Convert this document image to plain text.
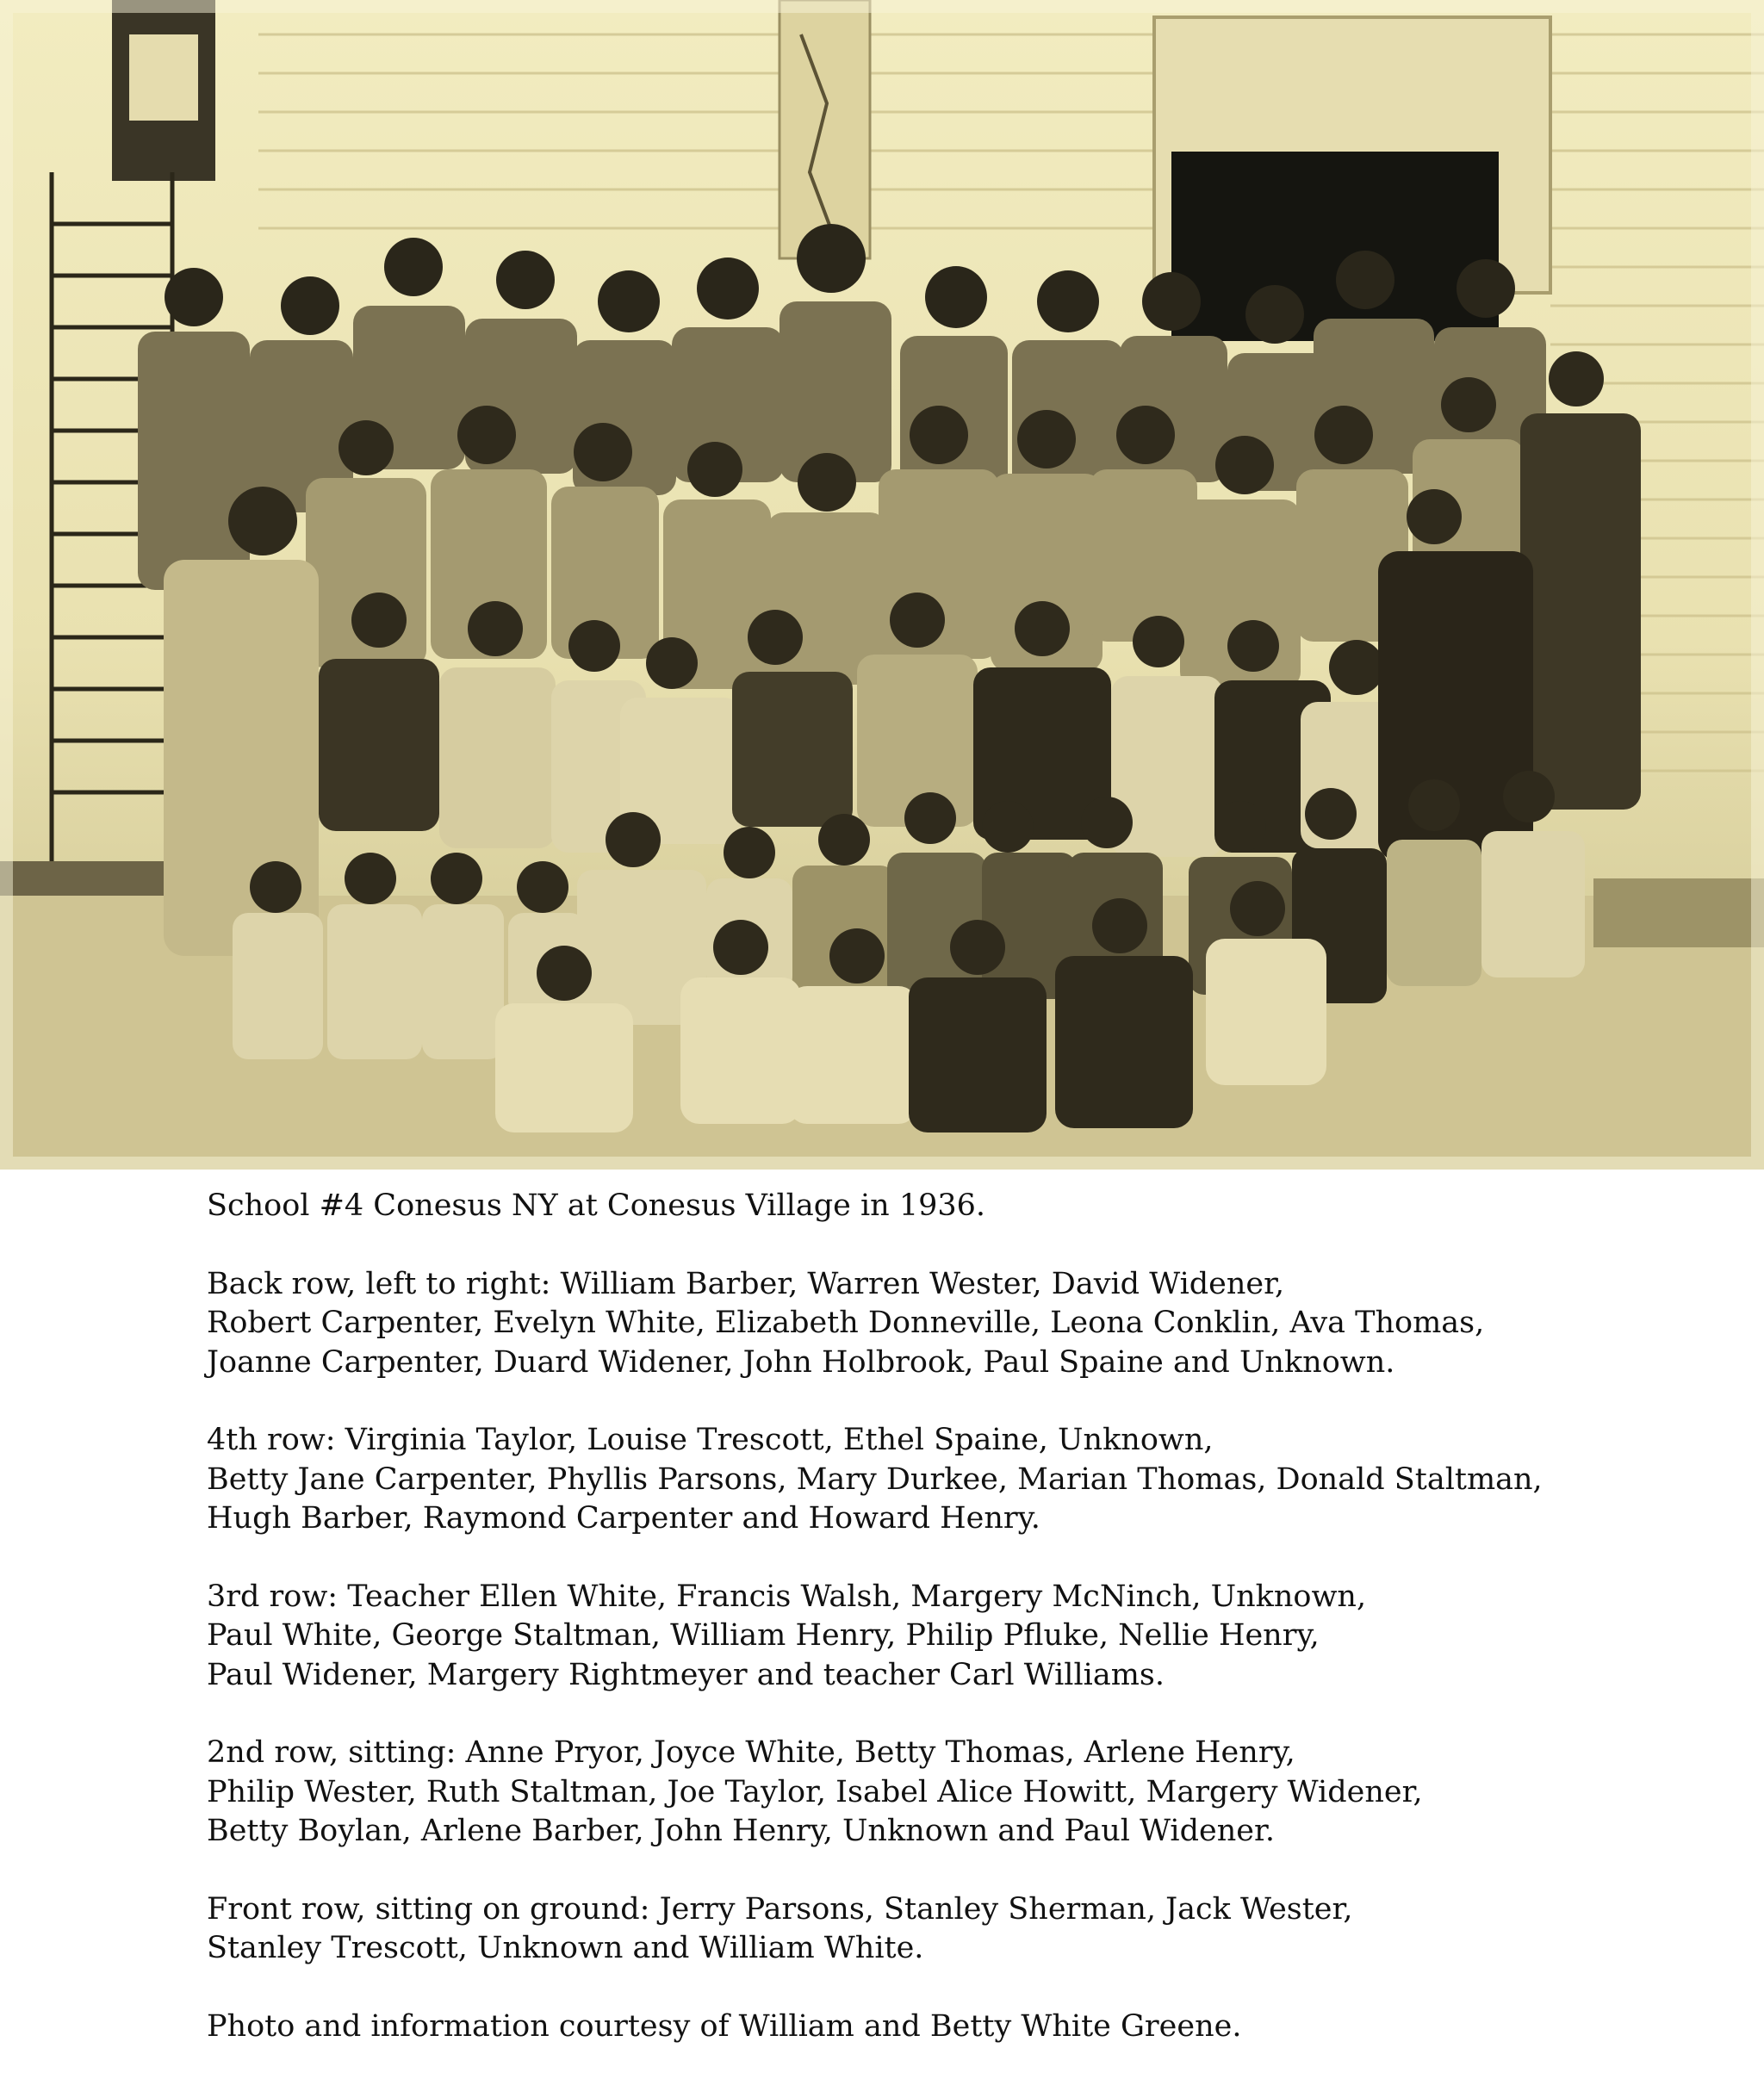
School #4 Conesus NY at Conesus Village in 1936.

Back row, left to right: William Barber, Warren Wester, David Widener,
Robert Carpenter, Evelyn White, Elizabeth Donneville, Leona Conklin, Ava Thomas,
Joanne Carpenter, Duard Widener, John Holbrook, Paul Spaine and Unknown.

4th row: Virginia Taylor, Louise Trescott, Ethel Spaine, Unknown,
Betty Jane Carpenter, Phyllis Parsons, Mary Durkee, Marian Thomas, Donald Staltman,
Hugh Barber, Raymond Carpenter and Howard Henry.

3rd row: Teacher Ellen White, Francis Walsh, Margery McNinch, Unknown,
Paul White, George Staltman, William Henry, Philip Pfluke, Nellie Henry,
Paul Widener, Margery Rightmeyer and teacher Carl Williams.

2nd row, sitting: Anne Pryor, Joyce White, Betty Thomas, Arlene Henry,
Philip Wester, Ruth Staltman, Joe Taylor, Isabel Alice Howitt, Margery Widener,
Betty Boylan, Arlene Barber, John Henry, Unknown and Paul Widener.

Front row, sitting on ground: Jerry Parsons, Stanley Sherman, Jack Wester,
Stanley Trescott, Unknown and William White.

Photo and information courtesy of William and Betty White Greene.
